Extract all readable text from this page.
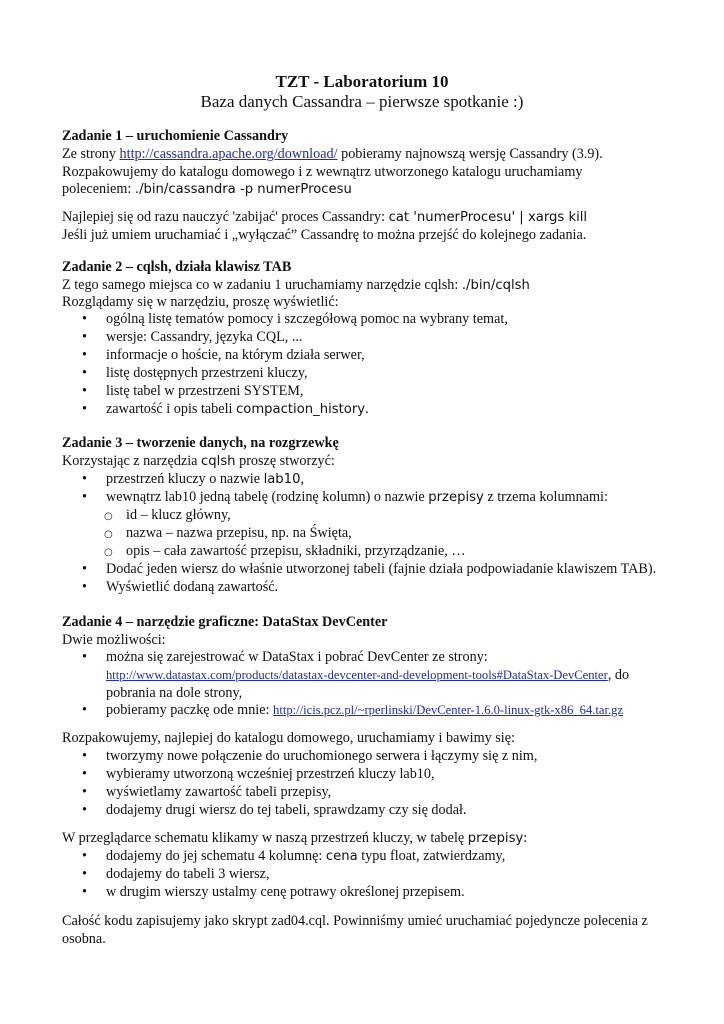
TZT - Laboratorium 10
Baza danych Cassandra – pierwsze spotkanie :)
Zadanie 1 – uruchomienie Cassandry
Ze strony http://cassandra.apache.org/download/ pobieramy najnowszą wersję Cassandry (3.9).
Rozpakowujemy do katalogu domowego i z wewnątrz utworzonego katalogu uruchamiamy
poleceniem: ./bin/cassandra -p numerProcesu
Najlepiej się od razu nauczyć 'zabijać' proces Cassandry: cat 'numerProcesu' | xargs kill
Jeśli już umiem uruchamiać i „wyłączać” Cassandrę to można przejść do kolejnego zadania.
Zadanie 2 – cqlsh, działa klawisz TAB
Z tego samego miejsca co w zadaniu 1 uruchamiamy narzędzie cqlsh: ./bin/cqlsh
Rozglądamy się w narzędziu, proszę wyświetlić:
• ogólną listę tematów pomocy i szczegółową pomoc na wybrany temat,
• wersje: Cassandry, języka CQL, ...
• informacje o hoście, na którym działa serwer,
• listę dostępnych przestrzeni kluczy,
• listę tabel w przestrzeni SYSTEM,
• zawartość i opis tabeli compaction_history.
Zadanie 3 – tworzenie danych, na rozgrzewkę
Korzystając z narzędzia cqlsh proszę stworzyć:
• przestrzeń kluczy o nazwie lab10,
• wewnątrz lab10 jedną tabelę (rodzinę kolumn) o nazwie przepisy z trzema kolumnami:
○ id – klucz główny,
○ nazwa – nazwa przepisu, np. na Święta,
○ opis – cała zawartość przepisu, składniki, przyrządzanie, …
• Dodać jeden wiersz do właśnie utworzonej tabeli (fajnie działa podpowiadanie klawiszem TAB).
• Wyświetlić dodaną zawartość.
Zadanie 4 – narzędzie graficzne: DataStax DevCenter
Dwie możliwości:
• można się zarejestrować w DataStax i pobrać DevCenter ze strony:
http://www.datastax.com/products/datastax-devcenter-and-development-tools#DataStax-DevCenter, do
pobrania na dole strony,
• pobieramy paczkę ode mnie: http://icis.pcz.pl/~rperlinski/DevCenter-1.6.0-linux-gtk-x86_64.tar.gz
Rozpakowujemy, najlepiej do katalogu domowego, uruchamiamy i bawimy się:
• tworzymy nowe połączenie do uruchomionego serwera i łączymy się z nim,
• wybieramy utworzoną wcześniej przestrzeń kluczy lab10,
• wyświetlamy zawartość tabeli przepisy,
• dodajemy drugi wiersz do tej tabeli, sprawdzamy czy się dodał.
W przeglądarce schematu klikamy w naszą przestrzeń kluczy, w tabelę przepisy:
• dodajemy do jej schematu 4 kolumnę: cena typu float, zatwierdzamy,
• dodajemy do tabeli 3 wiersz,
• w drugim wierszy ustalmy cenę potrawy określonej przepisem.
Całość kodu zapisujemy jako skrypt zad04.cql. Powinniśmy umieć uruchamiać pojedyncze polecenia z
osobna.
